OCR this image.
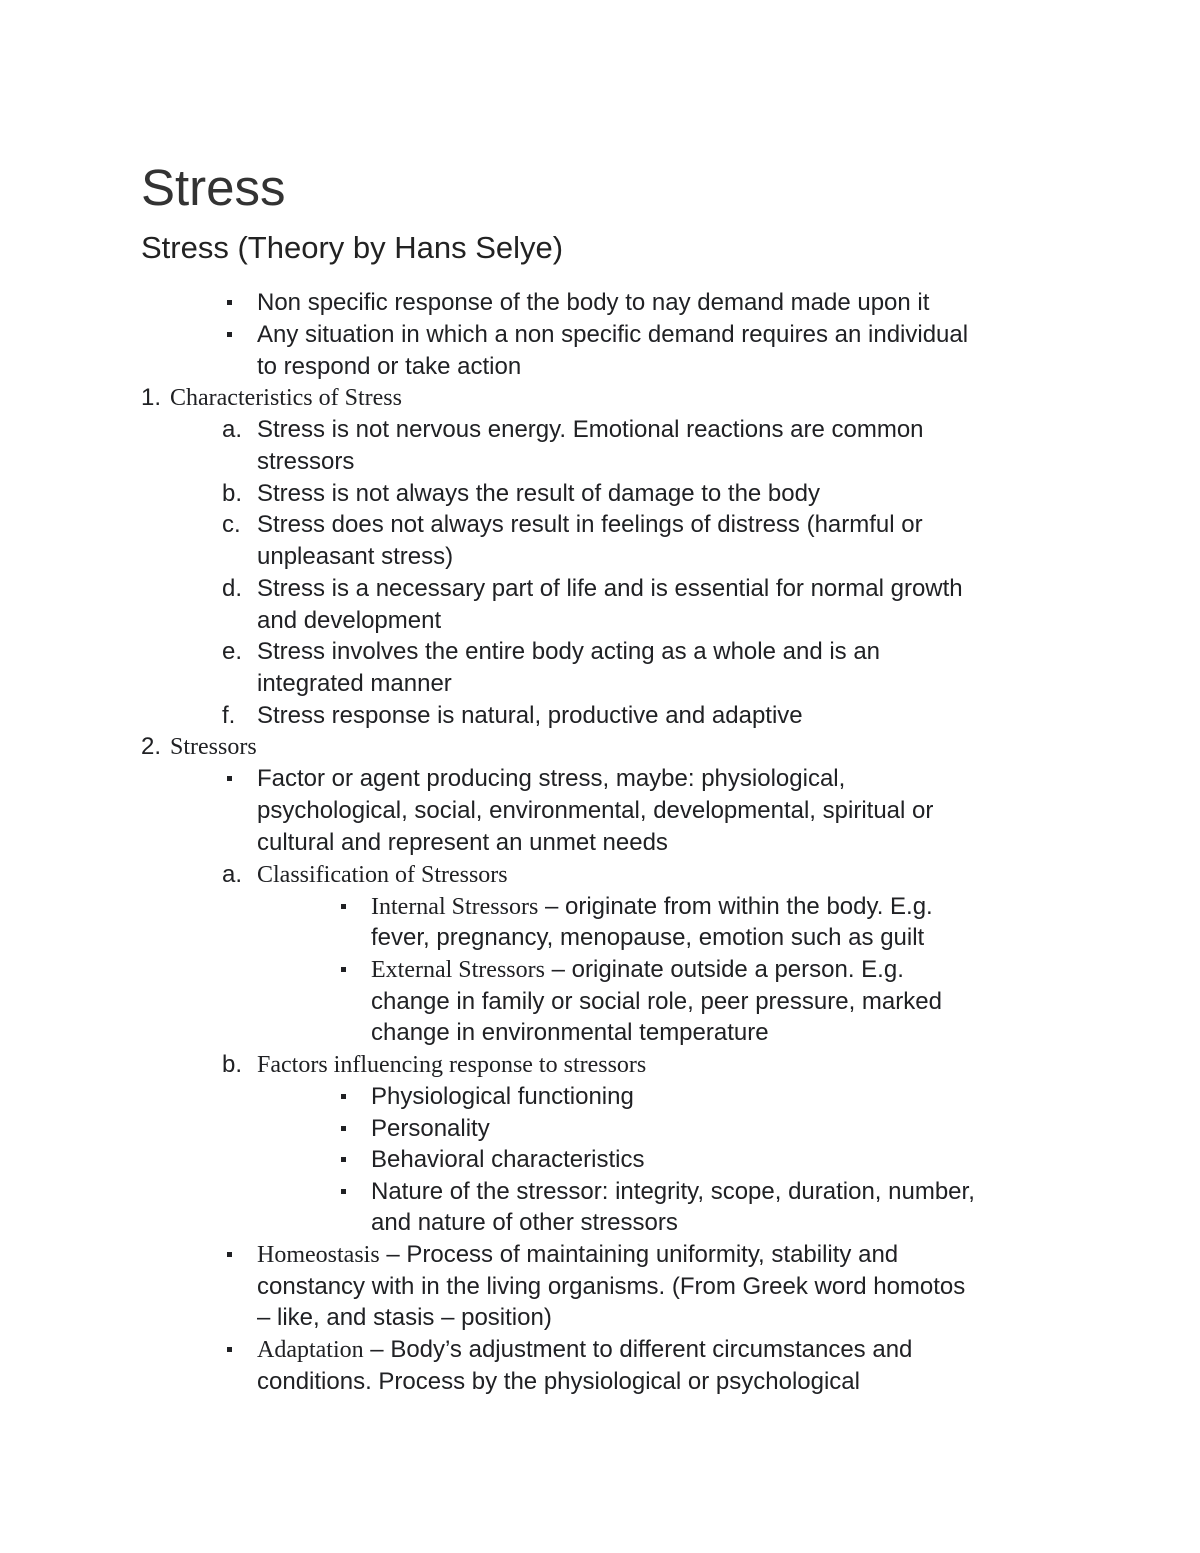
Stress
Stress (Theory by Hans Selye)
Non specific response of the body to nay demand made upon it
Any situation in which a non specific demand requires an individual
to respond or take action
1. Characteristics of Stress
a. Stress is not nervous energy. Emotional reactions are common
stressors
b. Stress is not always the result of damage to the body
c. Stress does not always result in feelings of distress (harmful or
unpleasant stress)
d. Stress is a necessary part of life and is essential for normal growth
and development
e. Stress involves the entire body acting as a whole and is an
integrated manner
f. Stress response is natural, productive and adaptive
2. Stressors
Factor or agent producing stress, maybe: physiological,
psychological, social, environmental, developmental, spiritual or
cultural and represent an unmet needs
a. Classification of Stressors
Internal Stressors – originate from within the body. E.g.
fever, pregnancy, menopause, emotion such as guilt
External Stressors – originate outside a person. E.g.
change in family or social role, peer pressure, marked
change in environmental temperature
b. Factors influencing response to stressors
Physiological functioning
Personality
Behavioral characteristics
Nature of the stressor: integrity, scope, duration, number,
and nature of other stressors
Homeostasis – Process of maintaining uniformity, stability and
constancy with in the living organisms. (From Greek word homotos
– like, and stasis – position)
Adaptation – Body’s adjustment to different circumstances and
conditions. Process by the physiological or psychological
